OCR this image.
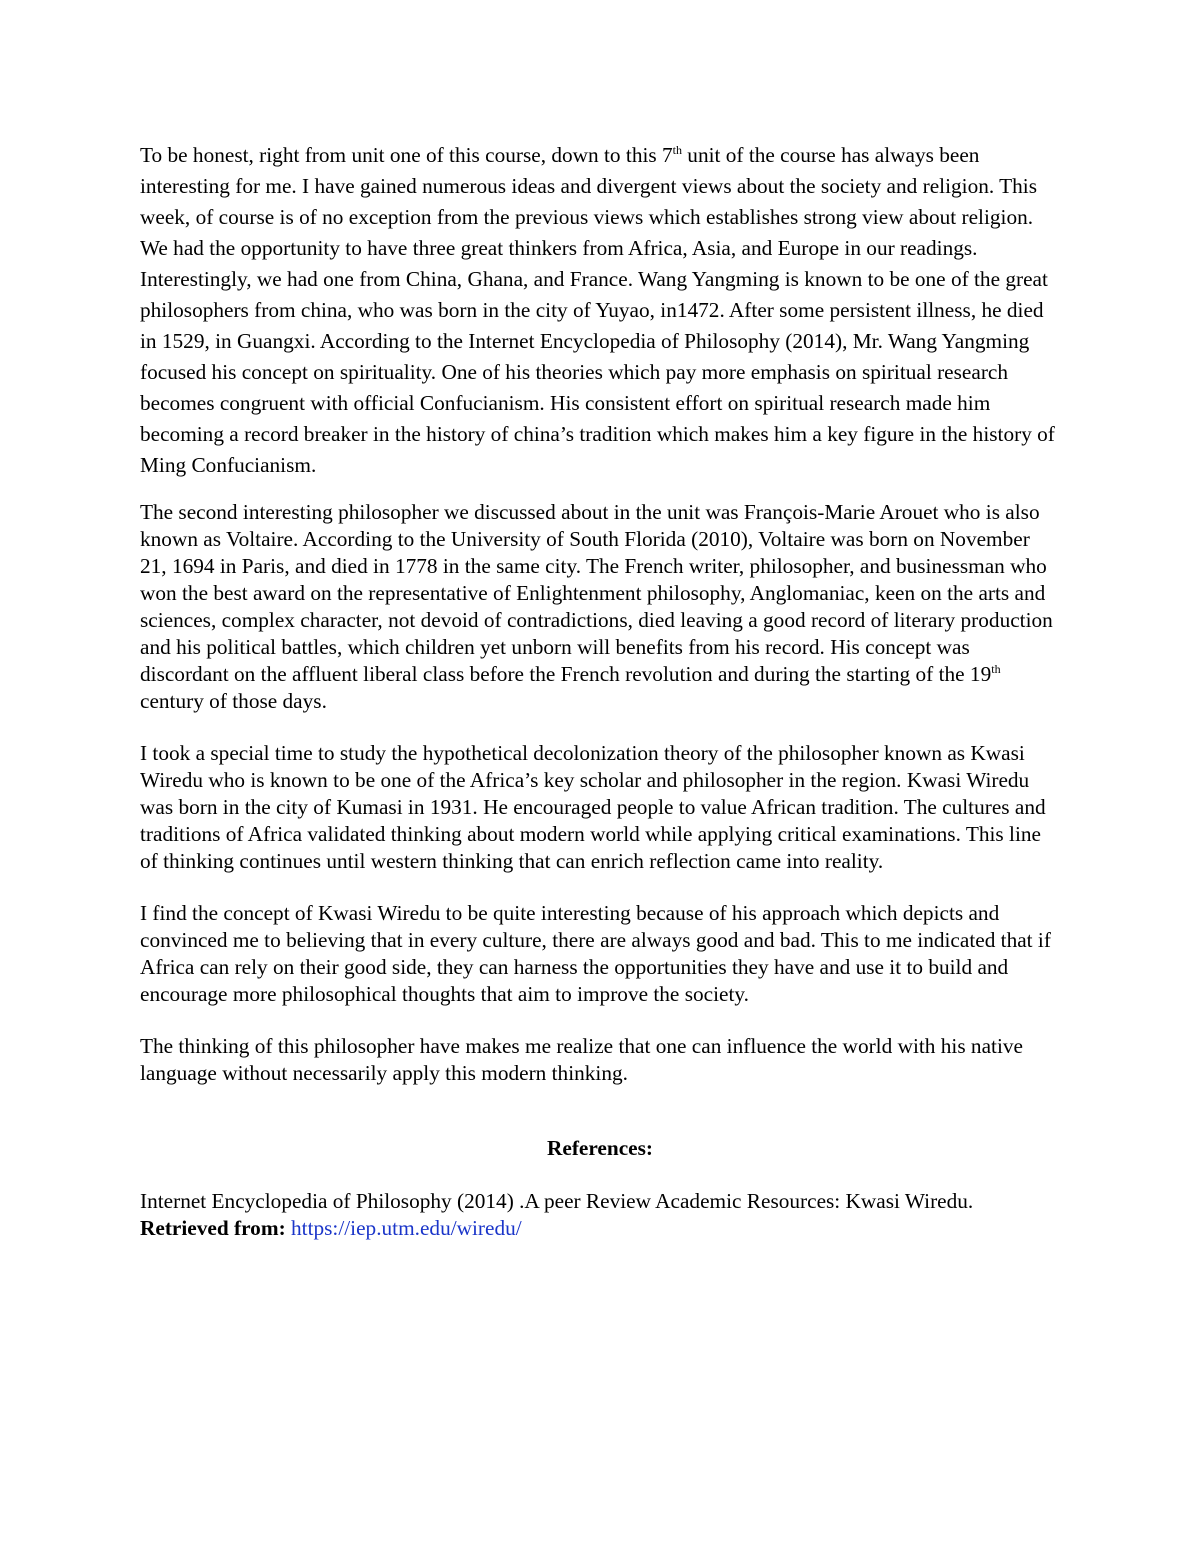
To be honest, right from unit one of this course, down to this 7th unit of the course has always been interesting for me. I have gained numerous ideas and divergent views about the society and religion. This week, of course is of no exception from the previous views which establishes strong view about religion. We had the opportunity to have three great thinkers from Africa, Asia, and Europe in our readings. Interestingly, we had one from China, Ghana, and France. Wang Yangming is known to be one of the great philosophers from china, who was born in the city of Yuyao, in1472. After some persistent illness, he died in 1529, in Guangxi. According to the Internet Encyclopedia of Philosophy (2014), Mr. Wang Yangming focused his concept on spirituality. One of his theories which pay more emphasis on spiritual research becomes congruent with official Confucianism. His consistent effort on spiritual research made him becoming a record breaker in the history of china’s tradition which makes him a key figure in the history of Ming Confucianism.

The second interesting philosopher we discussed about in the unit was François-Marie Arouet who is also known as Voltaire. According to the University of South Florida (2010), Voltaire was born on November 21, 1694 in Paris, and died in 1778 in the same city. The French writer, philosopher, and businessman who won the best award on the representative of Enlightenment philosophy, Anglomaniac, keen on the arts and sciences, complex character, not devoid of contradictions, died leaving a good record of literary production and his political battles, which children yet unborn will benefits from his record. His concept was discordant on the affluent liberal class before the French revolution and during the starting of the 19th century of those days.

I took a special time to study the hypothetical decolonization theory of the philosopher known as Kwasi Wiredu who is known to be one of the Africa’s key scholar and philosopher in the region. Kwasi Wiredu was born in the city of Kumasi in 1931. He encouraged people to value African tradition. The cultures and traditions of Africa validated thinking about modern world while applying critical examinations. This line of thinking continues until western thinking that can enrich reflection came into reality.

I find the concept of Kwasi Wiredu to be quite interesting because of his approach which depicts and convinced me to believing that in every culture, there are always good and bad. This to me indicated that if Africa can rely on their good side, they can harness the opportunities they have and use it to build and encourage more philosophical thoughts that aim to improve the society.

The thinking of this philosopher have makes me realize that one can influence the world with his native language without necessarily apply this modern thinking.

References:

Internet Encyclopedia of Philosophy (2014) .A peer Review Academic Resources: Kwasi Wiredu. Retrieved from: https://iep.utm.edu/wiredu/
